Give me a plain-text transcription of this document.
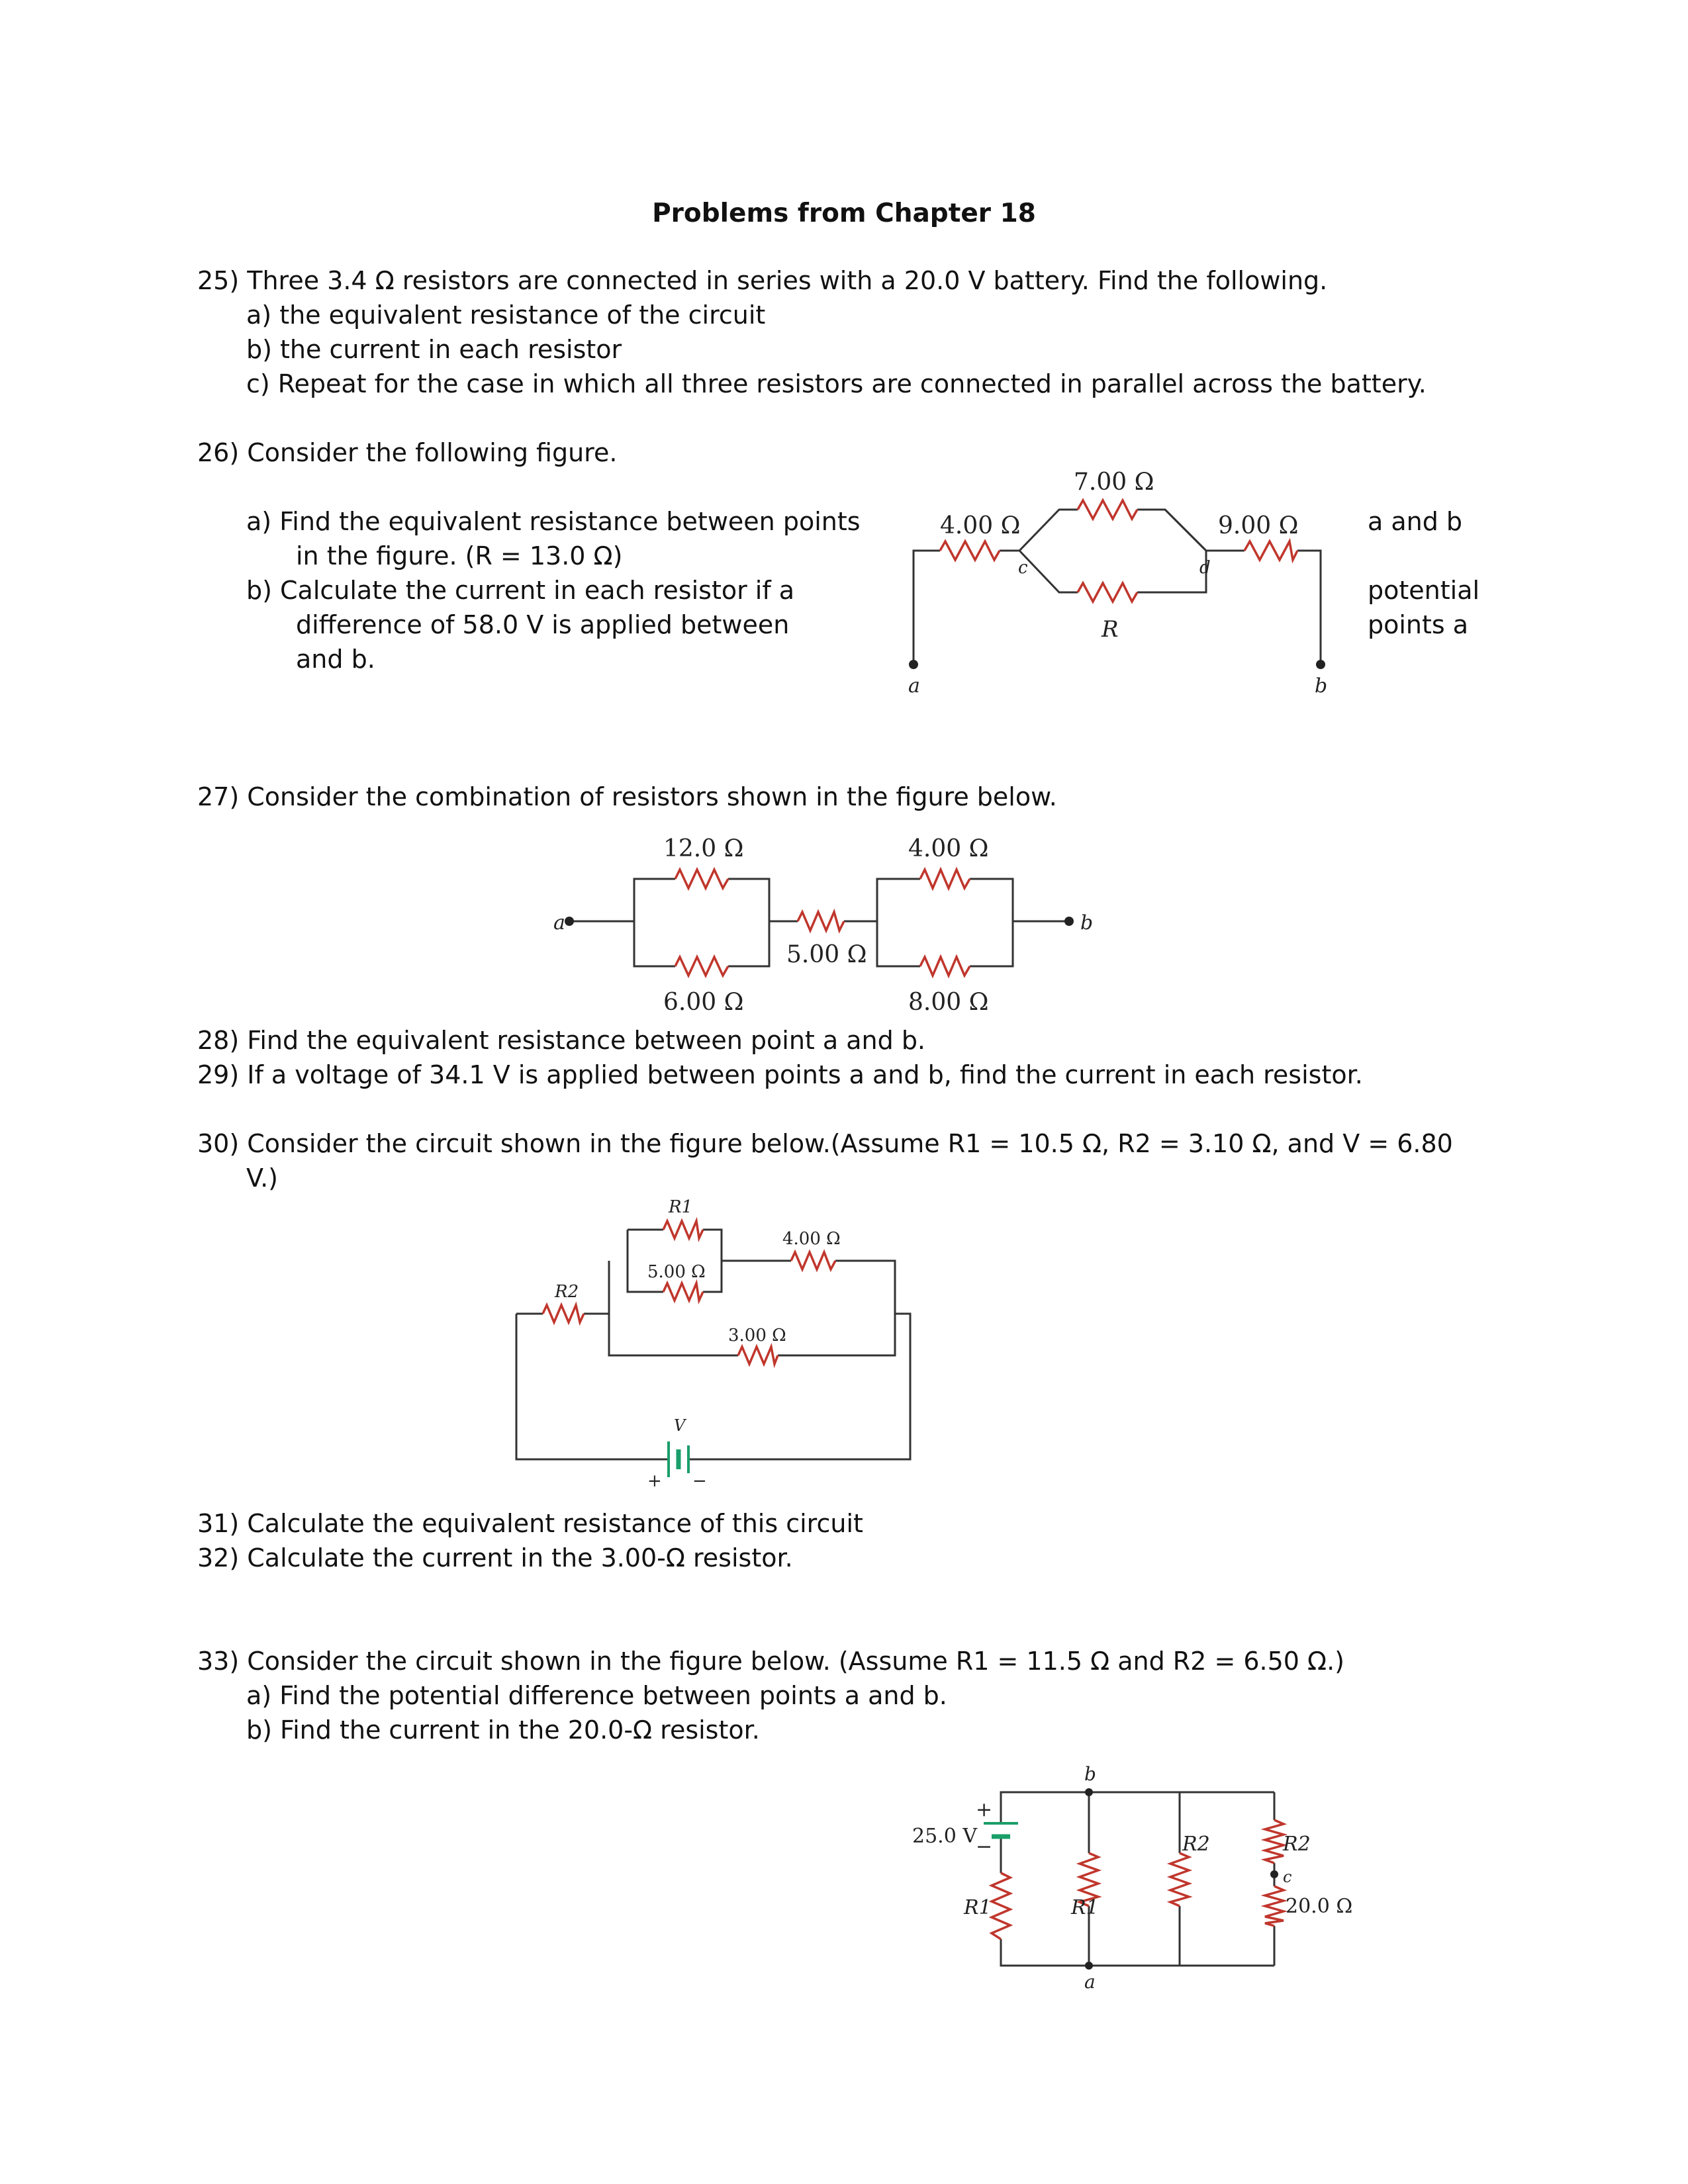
Problems from Chapter 18
25) Three 3.4 Ω resistors are connected in series with a 20.0 V battery. Find the following.
a) the equivalent resistance of the circuit
b) the current in each resistor
c) Repeat for the case in which all three resistors are connected in parallel across the battery.
26) Consider the following figure.
a) Find the equivalent resistance between points
in the figure. (R = 13.0 Ω)
b) Calculate the current in each resistor if a
difference of 58.0 V is applied between
and b.
a and b
potential
points a
4.00 Ω
7.00 Ω
R
9.00 Ω
c	d
a	b
27) Consider the combination of resistors shown in the figure below.
12.0 Ω
6.00 Ω
5.00 Ω
4.00 Ω
8.00 Ω
a	b
28) Find the equivalent resistance between point a and b.
29) If a voltage of 34.1 V is applied between points a and b, find the current in each resistor.
30) Consider the circuit shown in the figure below.(Assume R1 = 10.5 Ω, R2 = 3.10 Ω, and V = 6.80
V.)
R1
R2
5.00 Ω
4.00 Ω
3.00 Ω
V
+ −
31) Calculate the equivalent resistance of this circuit
32) Calculate the current in the 3.00-Ω resistor.
33) Consider the circuit shown in the figure below. (Assume R1 = 11.5 Ω and R2 = 6.50 Ω.)
a) Find the potential difference between points a and b.
b) Find the current in the 20.0-Ω resistor.
25.0 V
+
−
R1	R1
R2	R2
20.0 Ω
a
b
c
